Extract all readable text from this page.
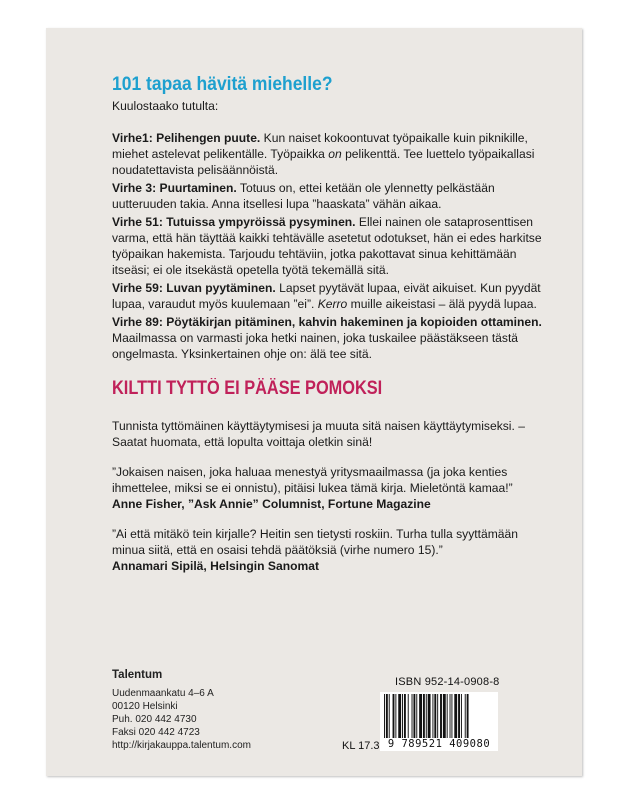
101 tapaa hävitä miehelle?
Kuulostaako tutulta:
Virhe1: Pelihengen puute. Kun naiset kokoontuvat työpaikalle kuin piknikille, miehet astelevat pelikentälle. Työpaikka on pelikenttä. Tee luettelo työpaikallasi noudatettavista pelisäännöistä.
Virhe 3: Puurtaminen. Totuus on, ettei ketään ole ylennetty pelkästään uutteruuden takia. Anna itsellesi lupa ”haaskata” vähän aikaa.
Virhe 51: Tutuissa ympyröissä pysyminen. Ellei nainen ole sataprosenttisen varma, että hän täyttää kaikki tehtävälle asetetut odotukset, hän ei edes harkitse työpaikan hakemista. Tarjoudu tehtäviin, jotka pakottavat sinua kehittämään itseäsi; ei ole itsekästä opetella työtä tekemällä sitä.
Virhe 59: Luvan pyytäminen. Lapset pyytävät lupaa, eivät aikuiset. Kun pyydät lupaa, varaudut myös kuulemaan ”ei”. Kerro muille aikeistasi – älä pyydä lupaa.
Virhe 89: Pöytäkirjan pitäminen, kahvin hakeminen ja kopioiden ottaminen. Maailmassa on varmasti joka hetki nainen, joka tuskailee päästäkseen tästä ongelmasta. Yksinkertainen ohje on: älä tee sitä.
KILTTI TYTTÖ EI PÄÄSE POMOKSI
Tunnista tyttömäinen käyttäytymisesi ja muuta sitä naisen käyttäytymiseksi. – Saatat huomata, että lopulta voittaja oletkin sinä!
”Jokaisen naisen, joka haluaa menestyä yritysmaailmassa (ja joka kenties ihmettelee, miksi se ei onnistu), pitäisi lukea tämä kirja. Mieletöntä kamaa!”
Anne Fisher, ”Ask Annie” Columnist, Fortune Magazine
”Ai että mitäkö tein kirjalle? Heitin sen tietysti roskiin. Turha tulla syyttämään minua siitä, että en osaisi tehdä päätöksiä (virhe numero 15).”
Annamari Sipilä, Helsingin Sanomat
Talentum
Uudenmaankatu 4–6 A
00120 Helsinki
Puh. 020 442 4730
Faksi 020 442 4723
http://kirjakauppa.talentum.com
ISBN 952-14-0908-8
9 789521 409080
KL 17.3
